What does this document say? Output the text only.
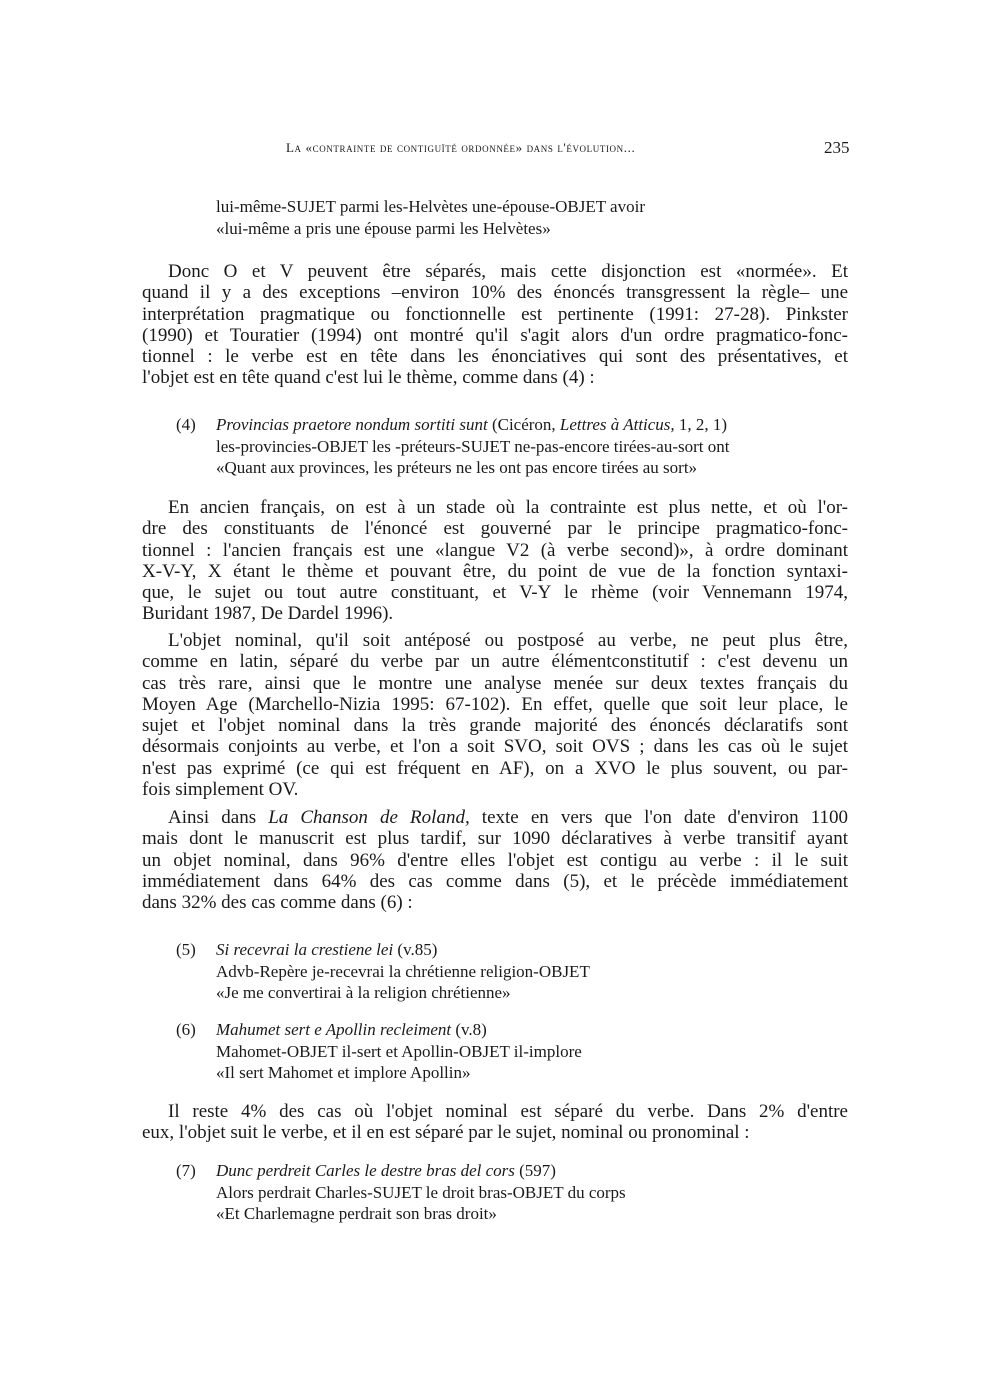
La «contrainte de contiguïté ordonnée» dans l'évolution...	235
lui-même-SUJET parmi les-Helvètes une-épouse-OBJET avoir
«lui-même a pris une épouse parmi les Helvètes»
Donc O et V peuvent être séparés, mais cette disjonction est «normée». Et
quand il y a des exceptions –environ 10% des énoncés transgressent la règle– une
interprétation pragmatique ou fonctionnelle est pertinente (1991: 27-28). Pinkster
(1990) et Touratier (1994) ont montré qu'il s'agit alors d'un ordre pragmatico-fonc-
tionnel : le verbe est en tête dans les énonciatives qui sont des présentatives, et
l'objet est en tête quand c'est lui le thème, comme dans (4) :
(4) Provincias praetore nondum sortiti sunt (Cicéron, Lettres à Atticus, 1, 2, 1)
les-provincies-OBJET les -préteurs-SUJET ne-pas-encore tirées-au-sort ont
«Quant aux provinces, les préteurs ne les ont pas encore tirées au sort»
En ancien français, on est à un stade où la contrainte est plus nette, et où l'or-
dre des constituants de l'énoncé est gouverné par le principe pragmatico-fonc-
tionnel : l'ancien français est une «langue V2 (à verbe second)», à ordre dominant
X-V-Y, X étant le thème et pouvant être, du point de vue de la fonction syntaxi-
que, le sujet ou tout autre constituant, et V-Y le rhème (voir Vennemann 1974,
Buridant 1987, De Dardel 1996).
L'objet nominal, qu'il soit antéposé ou postposé au verbe, ne peut plus être,
comme en latin, séparé du verbe par un autre élémentconstitutif : c'est devenu un
cas très rare, ainsi que le montre une analyse menée sur deux textes français du
Moyen Age (Marchello-Nizia 1995: 67-102). En effet, quelle que soit leur place, le
sujet et l'objet nominal dans la très grande majorité des énoncés déclaratifs sont
désormais conjoints au verbe, et l'on a soit SVO, soit OVS ; dans les cas où le sujet
n'est pas exprimé (ce qui est fréquent en AF), on a XVO le plus souvent, ou par-
fois simplement OV.
Ainsi dans La Chanson de Roland, texte en vers que l'on date d'environ 1100
mais dont le manuscrit est plus tardif, sur 1090 déclaratives à verbe transitif ayant
un objet nominal, dans 96% d'entre elles l'objet est contigu au verbe : il le suit
immédiatement dans 64% des cas comme dans (5), et le précède immédiatement
dans 32% des cas comme dans (6) :
(5) Si recevrai la crestiene lei (v.85)
Advb-Repère je-recevrai la chrétienne religion-OBJET
«Je me convertirai à la religion chrétienne»
(6) Mahumet sert e Apollin recleiment (v.8)
Mahomet-OBJET il-sert et Apollin-OBJET il-implore
«Il sert Mahomet et implore Apollin»
Il reste 4% des cas où l'objet nominal est séparé du verbe. Dans 2% d'entre
eux, l'objet suit le verbe, et il en est séparé par le sujet, nominal ou pronominal :
(7) Dunc perdreit Carles le destre bras del cors (597)
Alors perdrait Charles-SUJET le droit bras-OBJET du corps
«Et Charlemagne perdrait son bras droit»
